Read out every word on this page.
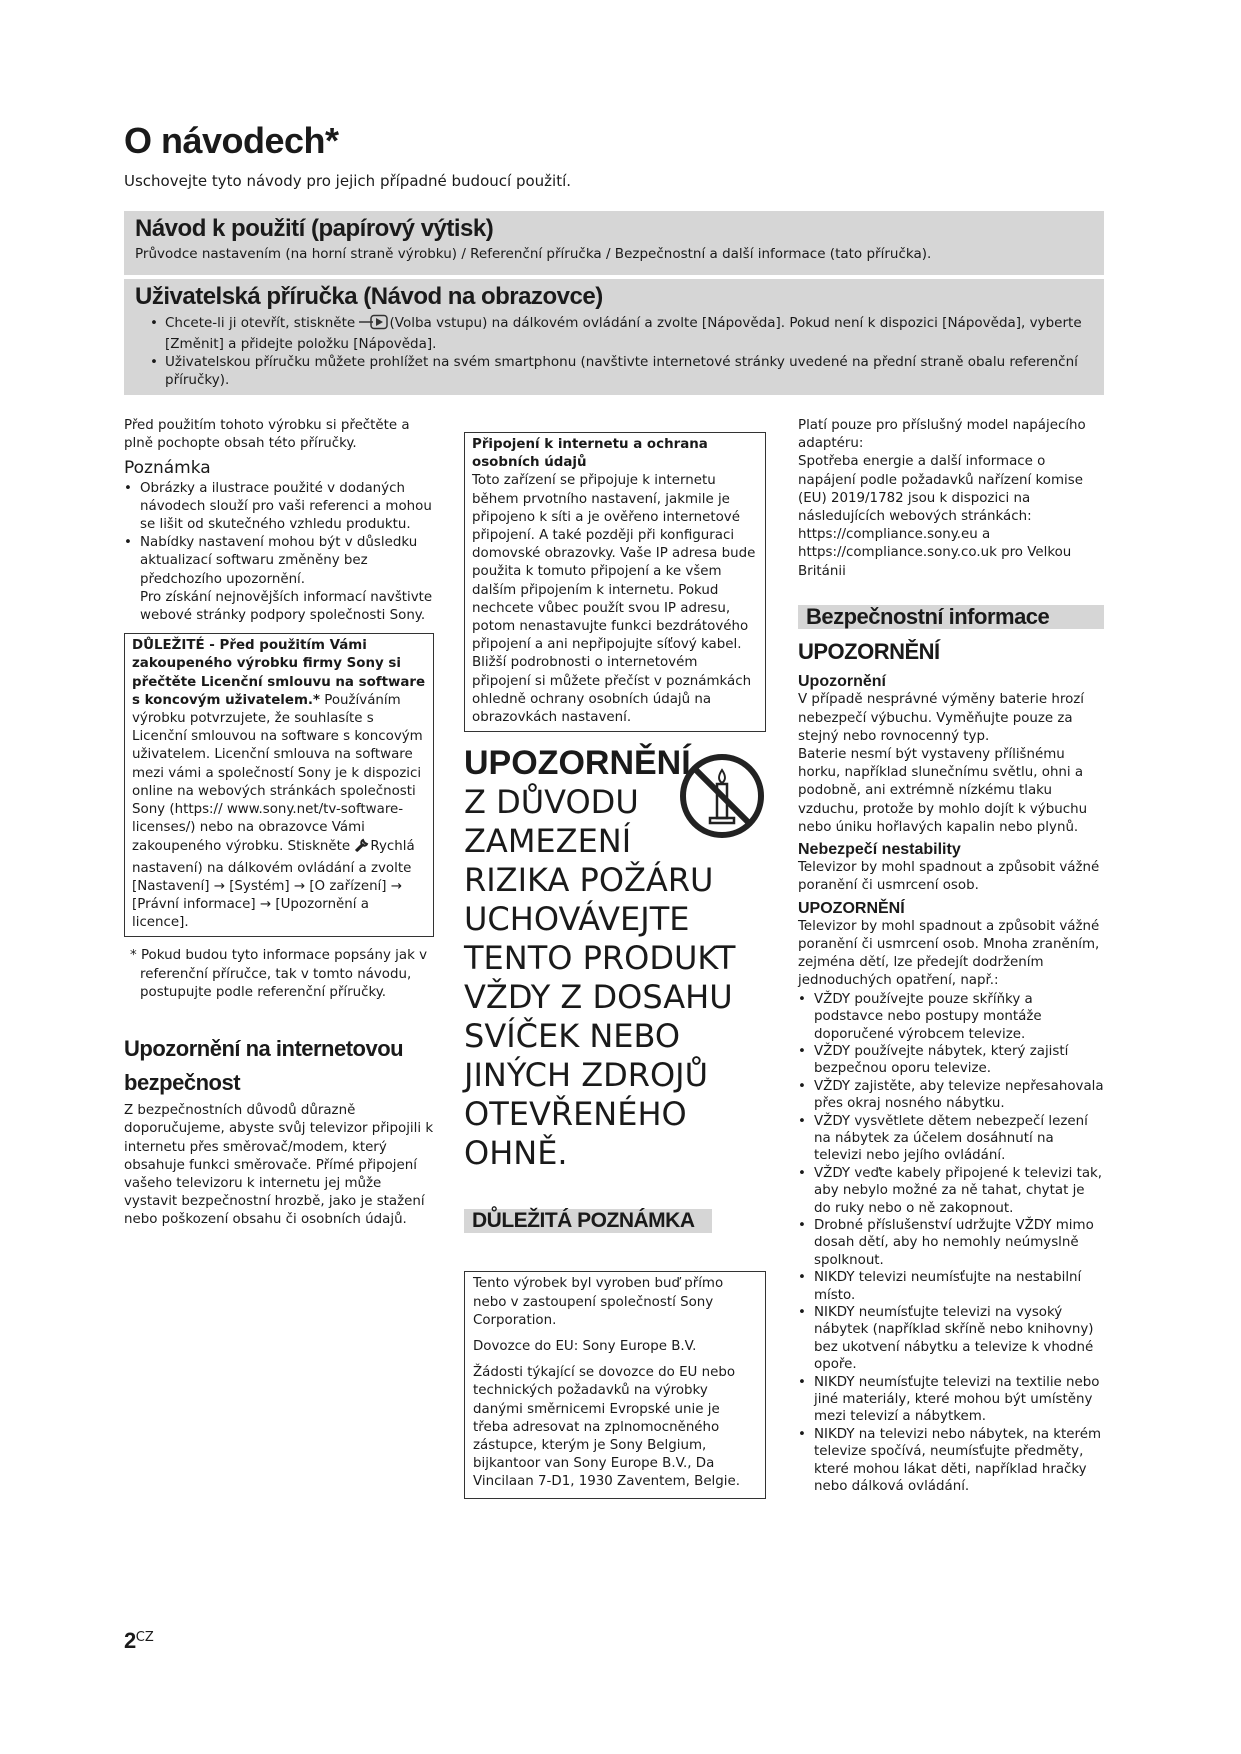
O návodech*
Uschovejte tyto návody pro jejich případné budoucí použití.
Návod k použití (papírový výtisk)
Průvodce nastavením (na horní straně výrobku) / Referenční příručka / Bezpečnostní a další informace (tato příručka).
Uživatelská příručka (Návod na obrazovce)
• Chcete-li ji otevřít, stiskněte	(Volba vstupu) na dálkovém ovládání a zvolte [Nápověda]. Pokud není k dispozici [Nápověda], vyberte [Změnit] a přidejte položku [Nápověda].
• Uživatelskou příručku můžete prohlížet na svém smartphonu (navštivte internetové stránky uvedené na přední straně obalu referenční příručky).

Před použitím tohoto výrobku si přečtěte a plně pochopte obsah této příručky.

Poznámka
• Obrázky a ilustrace použité v dodaných návodech slouží pro vaši referenci a mohou se lišit od skutečného vzhledu produktu.
• Nabídky nastavení mohou být v důsledku aktualizací softwaru změněny bez předchozího upozornění.
Pro získání nejnovějších informací navštivte webové stránky podpory společnosti Sony.
DŮLEŽITÉ - Před použitím Vámi zakoupeného výrobku firmy Sony si přečtěte Licenční smlouvu na software s koncovým uživatelem.* Používáním výrobku potvrzujete, že souhlasíte s Licenční smlouvou na software s koncovým uživatelem. Licenční smlouva na software mezi vámi a společností Sony je k dispozici online na webových stránkách společnosti Sony (https:// www.sony.net/tv-software-licenses/) nebo na obrazovce Vámi zakoupeného výrobku. Stiskněte Rychlá nastavení) na dálkovém ovládání a zvolte [Nastavení] → [Systém] → [O zařízení] → [Právní informace] → [Upozornění a licence].

* Pokud budou tyto informace popsány jak v referenční příručce, tak v tomto návodu, postupujte podle referenční příručky.

Upozornění na internetovou bezpečnost

Z bezpečnostních důvodů důrazně doporučujeme, abyste svůj televizor připojili k internetu přes směrovač/modem, který obsahuje funkci směrovače. Přímé připojení vašeho televizoru k internetu jej může vystavit bezpečnostní hrozbě, jako je stažení nebo poškození obsahu či osobních údajů.

Připojení k internetu a ochrana osobních údajů
Toto zařízení se připojuje k internetu během prvotního nastavení, jakmile je připojeno k síti a je ověřeno internetové připojení. A také později při konfiguraci domovské obrazovky. Vaše IP adresa bude použita k tomuto připojení a ke všem dalším připojením k internetu. Pokud nechcete vůbec použít svou IP adresu, potom nenastavujte funkci bezdrátového připojení a ani nepřipojujte síťový kabel. Bližší podrobnosti o internetovém připojení si můžete přečíst v poznámkách ohledně ochrany osobních údajů na obrazovkách nastavení.
UPOZORNĚNÍ
Z DŮVODU
ZAMEZENÍ
RIZIKA POŽÁRU UCHOVÁVEJTE TENTO PRODUKT VŽDY Z DOSAHU SVÍČEK NEBO JINÝCH ZDROJŮ OTEVŘENÉHO OHNĚ.
DŮLEŽITÁ POZNÁMKA

Tento výrobek byl vyroben buď přímo nebo v zastoupení společností Sony Corporation.

Dovozce do EU: Sony Europe B.V.

Žádosti týkající se dovozce do EU nebo technických požadavků na výrobky danými směrnicemi Evropské unie je třeba adresovat na zplnomocněného zástupce, kterým je Sony Belgium, bijkantoor van Sony Europe B.V., Da Vincilaan 7-D1, 1930 Zaventem, Belgie.

Platí pouze pro příslušný model napájecího adaptéru:

Spotřeba energie a další informace o napájení podle požadavků nařízení komise (EU) 2019/1782 jsou k dispozici na následujících webových stránkách:

https://compliance.sony.eu a

https://compliance.sony.co.uk pro Velkou Británii

Bezpečnostní informace
UPOZORNĚNÍ
Upozornění

V případě nesprávné výměny baterie hrozí nebezpečí výbuchu. Vyměňujte pouze za stejný nebo rovnocenný typ.

Baterie nesmí být vystaveny přílišnému horku, například slunečnímu světlu, ohni a podobně, ani extrémně nízkému tlaku vzduchu, protože by mohlo dojít k výbuchu nebo úniku hořlavých kapalin nebo plynů.

Nebezpečí nestability

Televizor by mohl spadnout a způsobit vážné poranění či usmrcení osob.

UPOZORNĚNÍ

Televizor by mohl spadnout a způsobit vážné poranění či usmrcení osob. Mnoha zraněním, zejména dětí, lze předejít dodržením jednoduchých opatření, např.:

• VŽDY používejte pouze skříňky a podstavce nebo postupy montáže doporučené výrobcem televize.
• VŽDY používejte nábytek, který zajistí bezpečnou oporu televize.
• VŽDY zajistěte, aby televize nepřesahovala přes okraj nosného nábytku.
• VŽDY vysvětlete dětem nebezpečí lezení na nábytek za účelem dosáhnutí na televizi nebo jejího ovládání.
• VŽDY veďte kabely připojené k televizi tak, aby nebylo možné za ně tahat, chytat je do ruky nebo o ně zakopnout.
• Drobné příslušenství udržujte VŽDY mimo dosah dětí, aby ho nemohly neúmyslně spolknout.
• NIKDY televizi neumísťujte na nestabilní místo.
• NIKDY neumísťujte televizi na vysoký nábytek (například skříně nebo knihovny) bez ukotvení nábytku a televize k vhodné opoře.
• NIKDY neumísťujte televizi na textilie nebo jiné materiály, které mohou být umístěny mezi televizí a nábytkem.
• NIKDY na televizi nebo nábytek, na kterém televize spočívá, neumísťujte předměty, které mohou lákat děti, například hračky nebo dálková ovládání.
$2^{CZ}$
